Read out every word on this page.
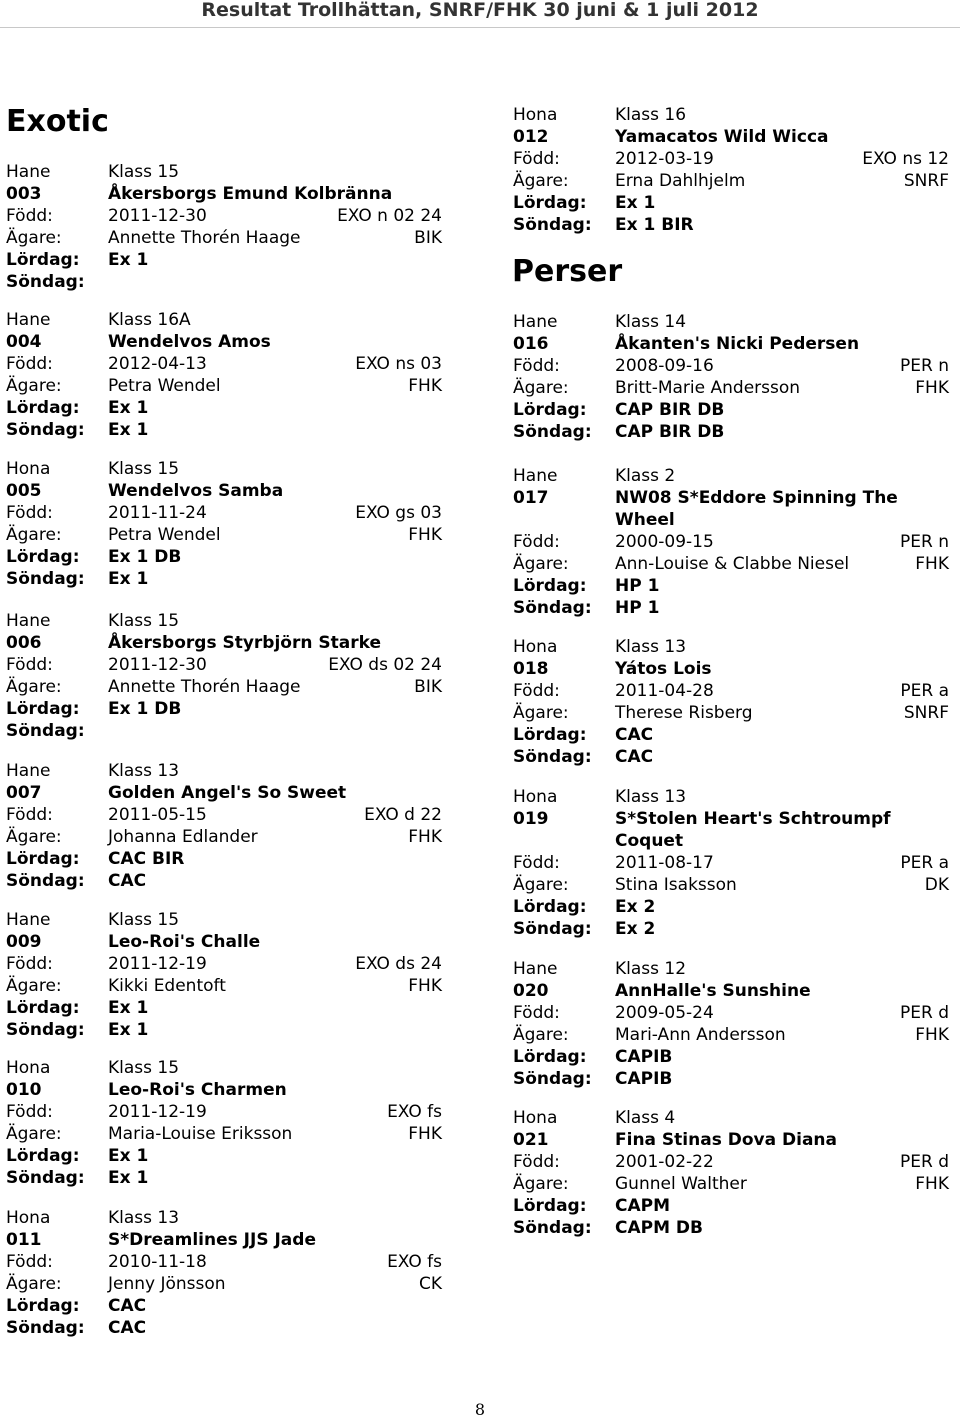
Resultat Trollhättan, SNRF/FHK 30 juni & 1 juli 2012
Exotic
Perser
Hane	Klass 15
003	Åkersborgs Emund Kolbränna
Född:	2011-12-30	EXO n 02 24
Ägare:	Annette Thorén Haage	BIK
Lördag: Ex 1
Söndag:
Hane	Klass 16A
004	Wendelvos Amos
Född:	2012-04-13	EXO ns 03
Ägare:	Petra Wendel	FHK
Lördag: Ex 1
Söndag: Ex 1
Hona	Klass 15
005	Wendelvos Samba
Född:	2011-11-24	EXO gs 03
Ägare:	Petra Wendel	FHK
Lördag: Ex 1 DB
Söndag: Ex 1
Hane	Klass 15
006	Åkersborgs Styrbjörn Starke
Född:	2011-12-30	EXO ds 02 24
Ägare:	Annette Thorén Haage	BIK
Lördag: Ex 1 DB
Söndag:
Hane	Klass 13
007	Golden Angel's So Sweet
Född:	2011-05-15	EXO d 22
Ägare:	Johanna Edlander	FHK
Lördag: CAC BIR
Söndag: CAC
Hane	Klass 15
009	Leo-Roi's Challe
Född:	2011-12-19	EXO ds 24
Ägare:	Kikki Edentoft	FHK
Lördag: Ex 1
Söndag: Ex 1
Hona	Klass 15
010	Leo-Roi's Charmen
Född:	2011-12-19	EXO fs
Ägare:	Maria-Louise Eriksson	FHK
Lördag: Ex 1
Söndag: Ex 1
Hona	Klass 13
011	S*Dreamlines JJS Jade
Född:	2010-11-18	EXO fs
Ägare:	Jenny Jönsson	CK
Lördag: CAC
Söndag: CAC
Hona	Klass 16
012	Yamacatos Wild Wicca
Född:	2012-03-19	EXO ns 12
Ägare:	Erna Dahlhjelm	SNRF
Lördag: Ex 1
Söndag: Ex 1 BIR
Hane	Klass 14
016	Åkanten's Nicki Pedersen
Född:	2008-09-16	PER n
Ägare:	Britt-Marie Andersson	FHK
Lördag: CAP BIR DB
Söndag: CAP BIR DB
Hane	Klass 2
017	NW08 S*Eddore Spinning The Wheel
Född:	2000-09-15	PER n
Ägare:	Ann-Louise & Clabbe Niesel	FHK
Lördag: HP 1
Söndag: HP 1
Hona	Klass 13
018	Yátos Lois
Född:	2011-04-28	PER a
Ägare:	Therese Risberg	SNRF
Lördag: CAC
Söndag: CAC
Hona	Klass 13
019	S*Stolen Heart's Schtroumpf Coquet
Född:	2011-08-17	PER a
Ägare:	Stina Isaksson	DK
Lördag: Ex 2
Söndag: Ex 2
Hane	Klass 12
020	AnnHalle's Sunshine
Född:	2009-05-24	PER d
Ägare:	Mari-Ann Andersson	FHK
Lördag: CAPIB
Söndag: CAPIB
Hona	Klass 4
021	Fina Stinas Dova Diana
Född:	2001-02-22	PER d
Ägare:	Gunnel Walther	FHK
Lördag: CAPM
Söndag: CAPM DB
8
